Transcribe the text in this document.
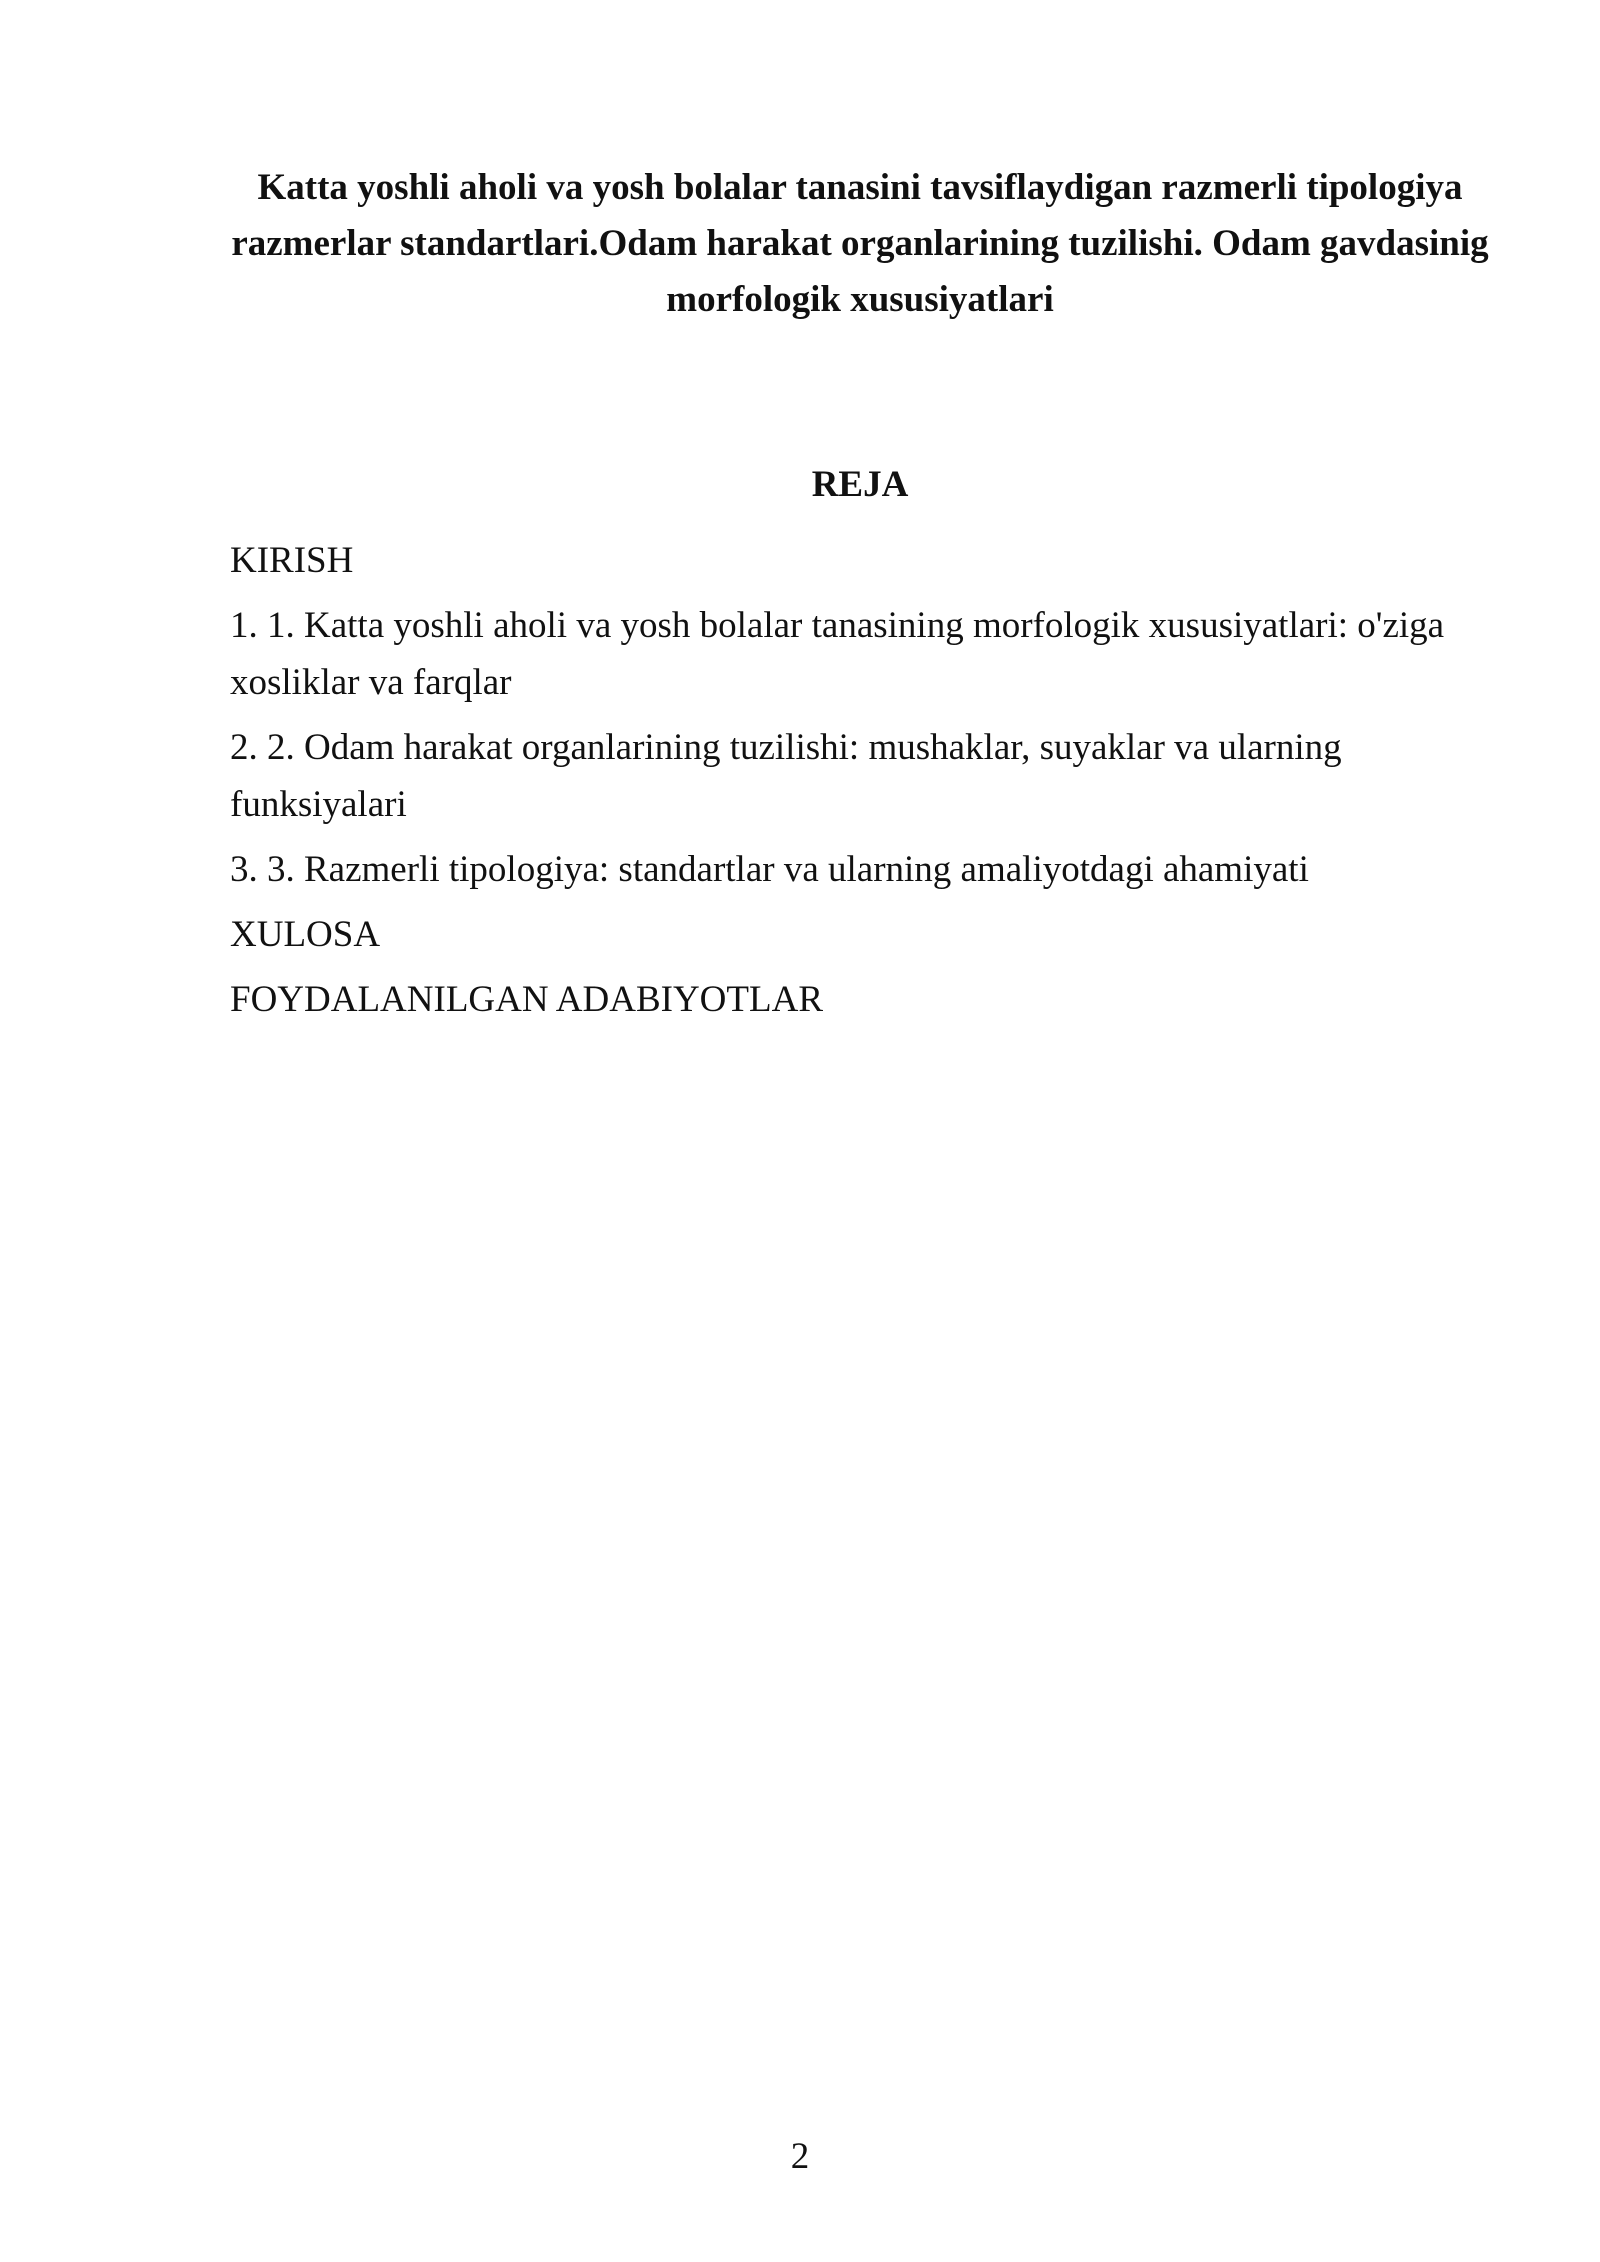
Katta yoshli aholi va yosh bolalar tanasini tavsiflaydigan razmerli tipologiya razmerlar standartlari.Odam harakat organlarining tuzilishi. Odam gavdasinig morfologik xususiyatlari
REJA
KIRISH
1. 1. Katta yoshli aholi va yosh bolalar tanasining morfologik xususiyatlari: o'ziga xosliklar va farqlar
2. 2. Odam harakat organlarining tuzilishi: mushaklar, suyaklar va ularning funksiyalari
3. 3. Razmerli tipologiya: standartlar va ularning amaliyotdagi ahamiyati
XULOSA
FOYDALANILGAN ADABIYOTLAR
2
